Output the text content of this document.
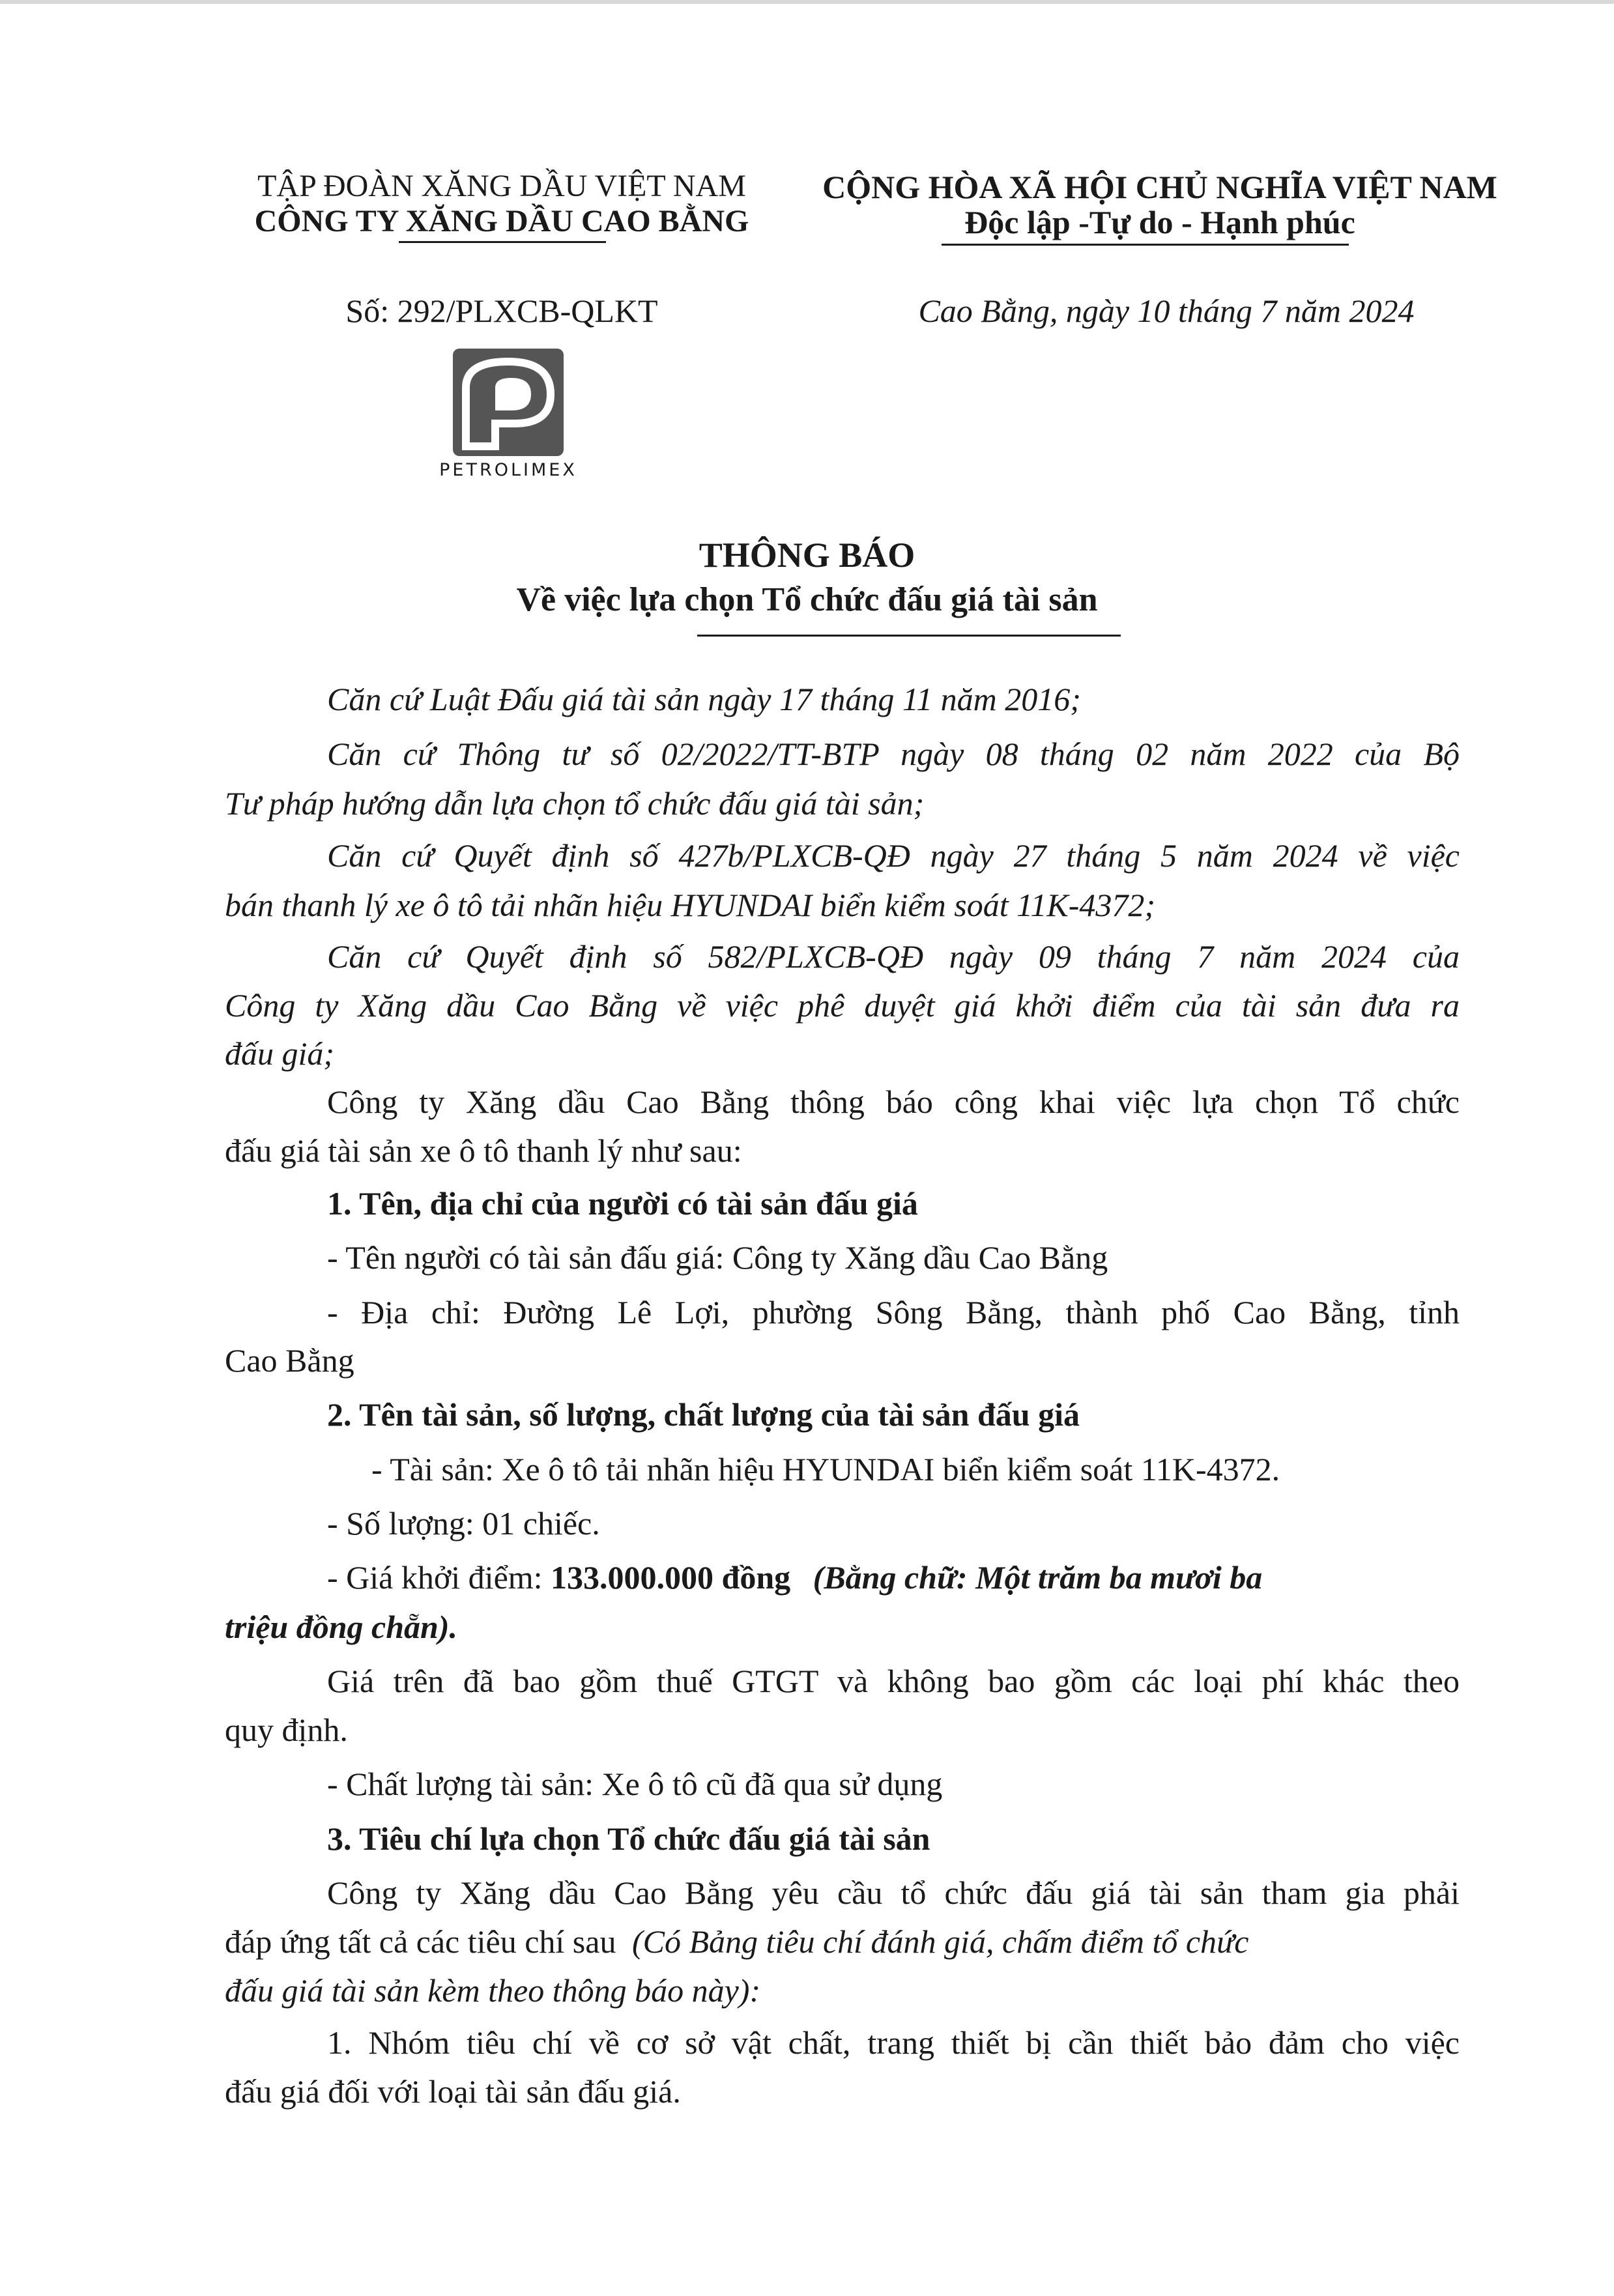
TẬP ĐOÀN XĂNG DẦU VIỆT NAM
CÔNG TY XĂNG DẦU CAO BẰNG
CỘNG HÒA XÃ HỘI CHỦ NGHĨA VIỆT NAM
Độc lập -Tự do - Hạnh phúc
Số: 292/PLXCB-QLKT	Cao Bằng, ngày 10 tháng 7 năm 2024
PETROLIMEX
THÔNG BÁO
Về việc lựa chọn Tổ chức đấu giá tài sản
Căn cứ Luật Đấu giá tài sản ngày 17 tháng 11 năm 2016;
Căn cứ Thông tư số 02/2022/TT-BTP ngày 08 tháng 02 năm 2022 của Bộ
Tư pháp hướng dẫn lựa chọn tổ chức đấu giá tài sản;
Căn cứ Quyết định số 427b/PLXCB-QĐ ngày 27 tháng 5 năm 2024 về việc
bán thanh lý xe ô tô tải nhãn hiệu HYUNDAI biển kiểm soát 11K-4372;
Căn cứ Quyết định số 582/PLXCB-QĐ ngày 09 tháng 7 năm 2024 của
Công ty Xăng dầu Cao Bằng về việc phê duyệt giá khởi điểm của tài sản đưa ra
đấu giá;
Công ty Xăng dầu Cao Bằng thông báo công khai việc lựa chọn Tổ chức
đấu giá tài sản xe ô tô thanh lý như sau:
1. Tên, địa chỉ của người có tài sản đấu giá
- Tên người có tài sản đấu giá: Công ty Xăng dầu Cao Bằng
- Địa chỉ: Đường Lê Lợi, phường Sông Bằng, thành phố Cao Bằng, tỉnh
Cao Bằng
2. Tên tài sản, số lượng, chất lượng của tài sản đấu giá
- Tài sản: Xe ô tô tải nhãn hiệu HYUNDAI biển kiểm soát 11K-4372.
- Số lượng: 01 chiếc.
- Giá khởi điểm: 133.000.000 đồng (Bằng chữ: Một trăm ba mươi ba
triệu đồng chẵn).
Giá trên đã bao gồm thuế GTGT và không bao gồm các loại phí khác theo
quy định.
- Chất lượng tài sản: Xe ô tô cũ đã qua sử dụng
3. Tiêu chí lựa chọn Tổ chức đấu giá tài sản
Công ty Xăng dầu Cao Bằng yêu cầu tổ chức đấu giá tài sản tham gia phải
đáp ứng tất cả các tiêu chí sau (Có Bảng tiêu chí đánh giá, chấm điểm tổ chức
đấu giá tài sản kèm theo thông báo này):
1. Nhóm tiêu chí về cơ sở vật chất, trang thiết bị cần thiết bảo đảm cho việc
đấu giá đối với loại tài sản đấu giá.
